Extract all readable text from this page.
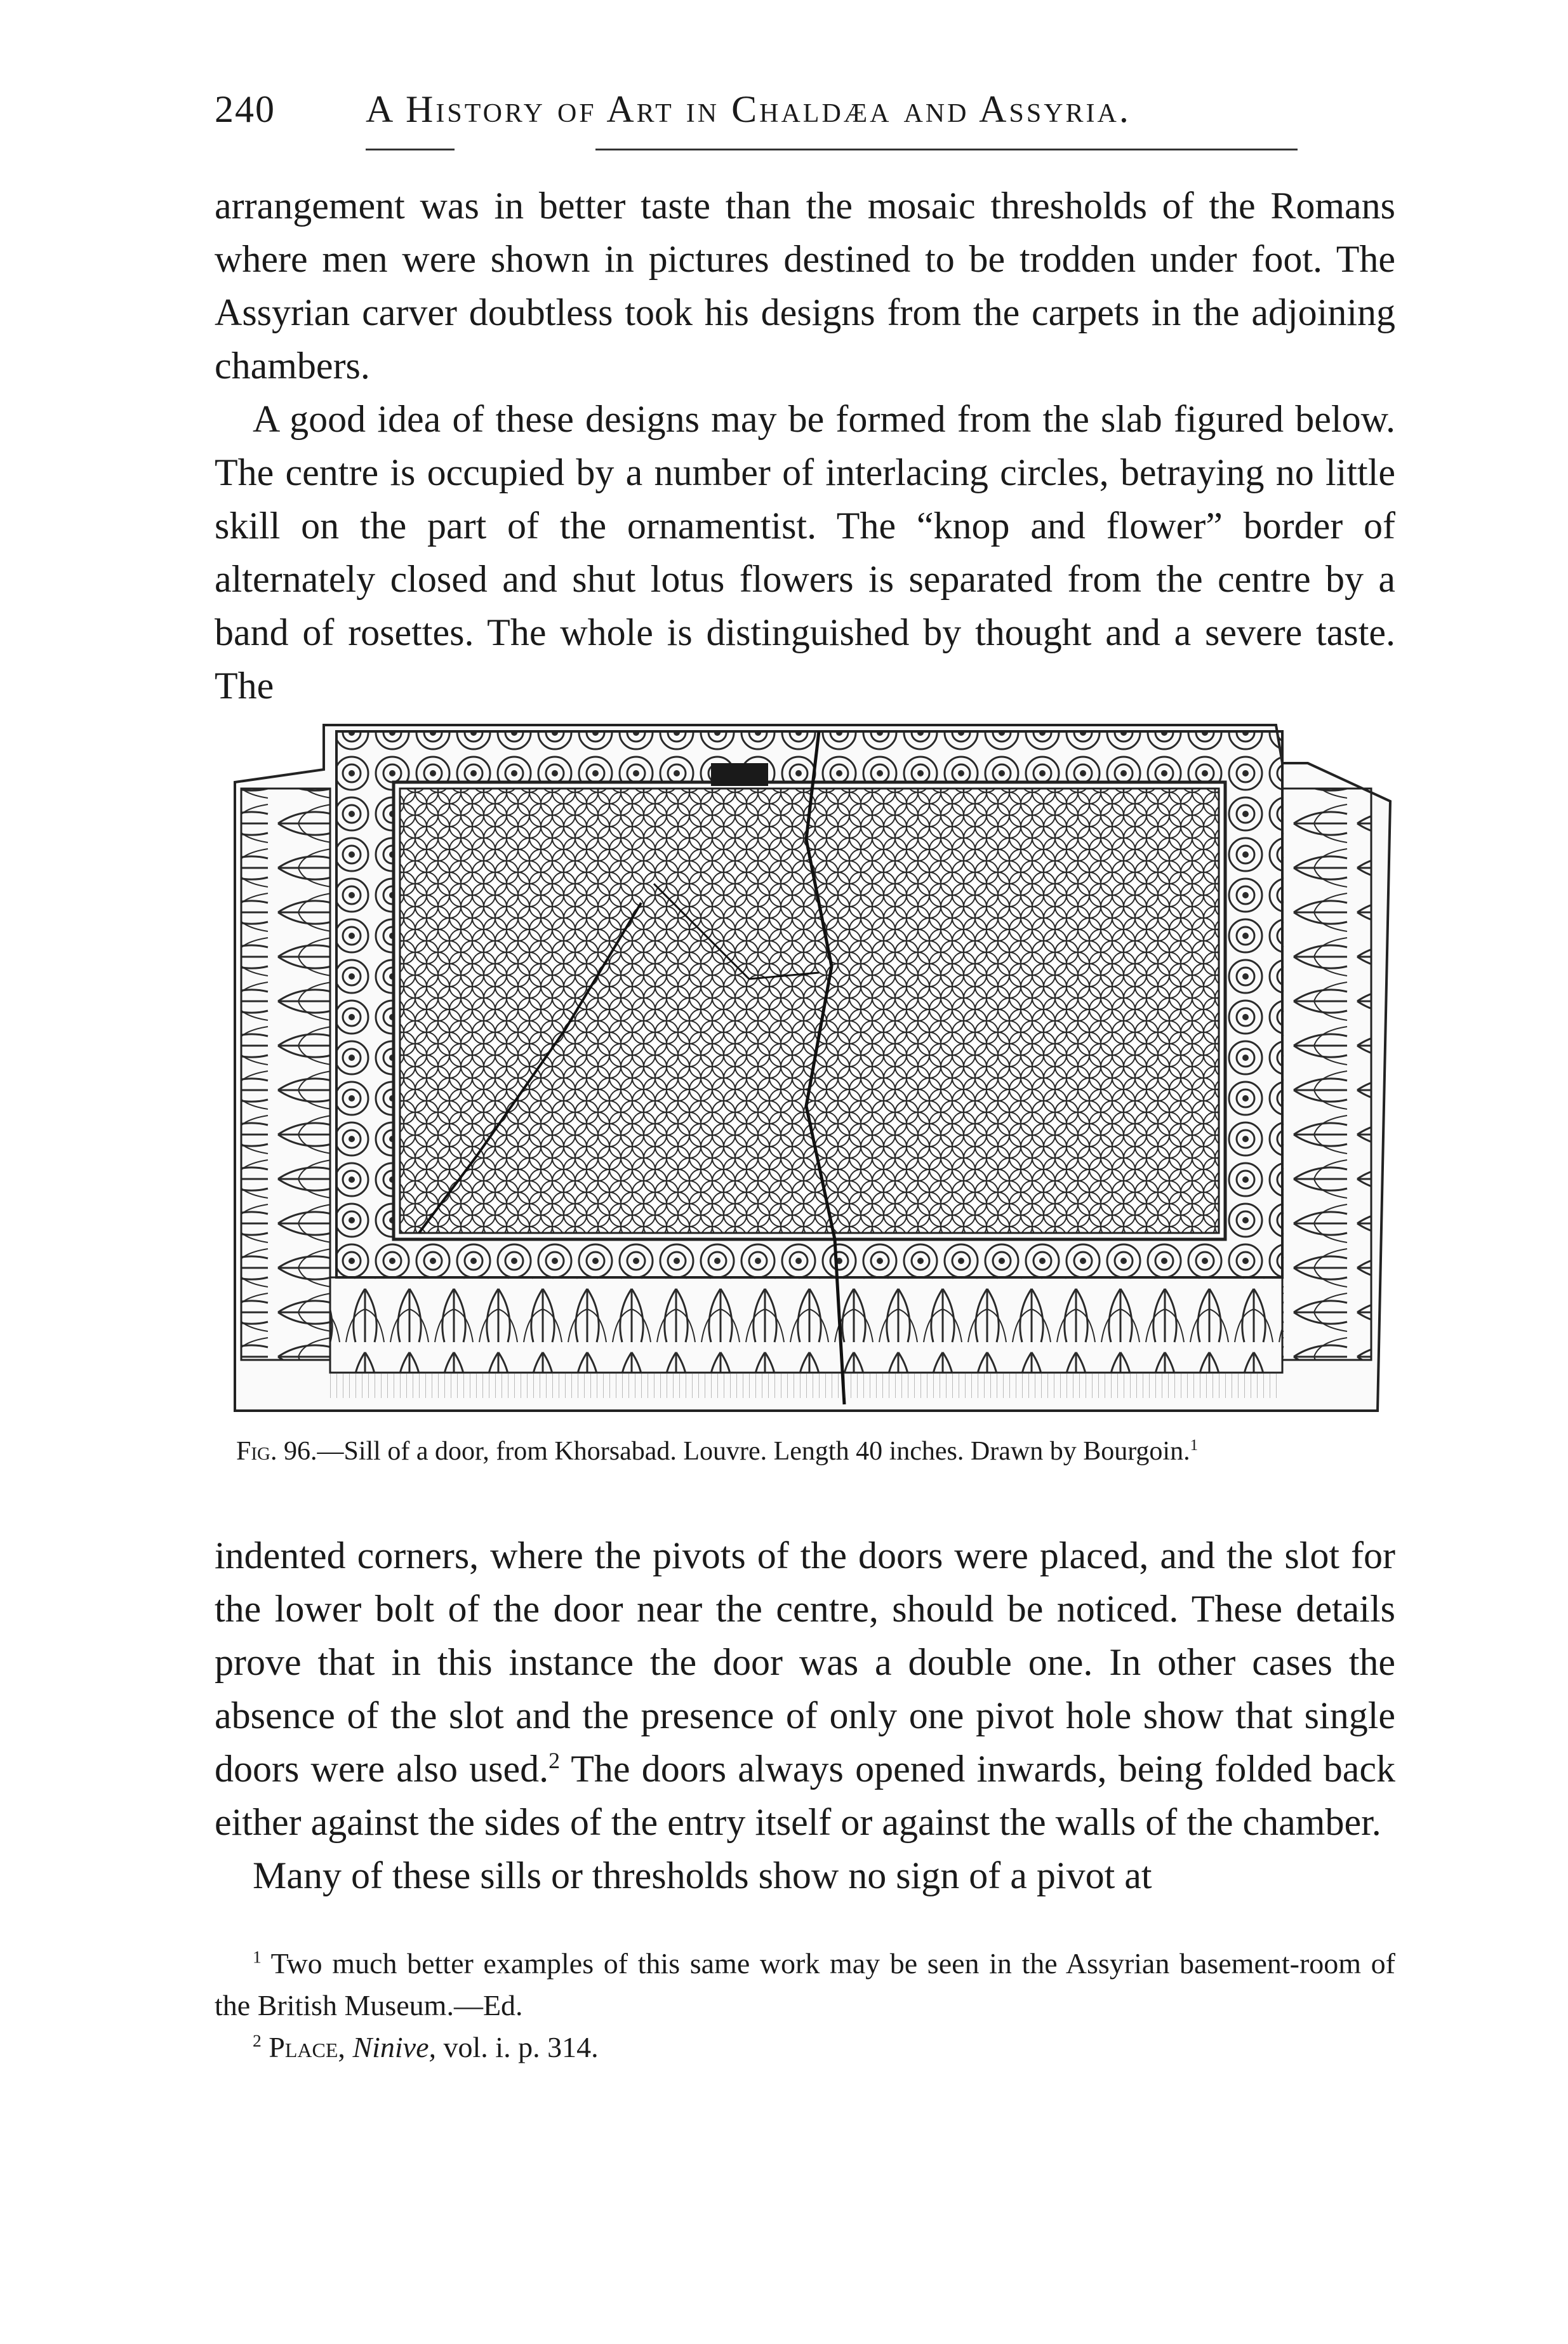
240 A History of Art in Chaldæa and Assyria.

arrangement was in better taste than the mosaic thresholds of the Romans where men were shown in pictures destined to be trodden under foot. The Assyrian carver doubtless took his designs from the carpets in the adjoining chambers.

A good idea of these designs may be formed from the slab figured below. The centre is occupied by a number of interlacing circles, betraying no little skill on the part of the ornamentist. The “knop and flower” border of alternately closed and shut lotus flowers is separated from the centre by a band of rosettes. The whole is distinguished by thought and a severe taste. The

Fig. 96.—Sill of a door, from Khorsabad. Louvre. Length 40 inches. Drawn by Bourgoin.$^1$

indented corners, where the pivots of the doors were placed, and the slot for the lower bolt of the door near the centre, should be noticed. These details prove that in this instance the door was a double one. In other cases the absence of the slot and the presence of only one pivot hole show that single doors were also used.$^2$ The doors always opened inwards, being folded back either against the sides of the entry itself or against the walls of the chamber.

Many of these sills or thresholds show no sign of a pivot at

$^1$ Two much better examples of this same work may be seen in the Assyrian basement-room of the British Museum.—Ed.

$^2$ Place, Ninive, vol. i. p. 314.
